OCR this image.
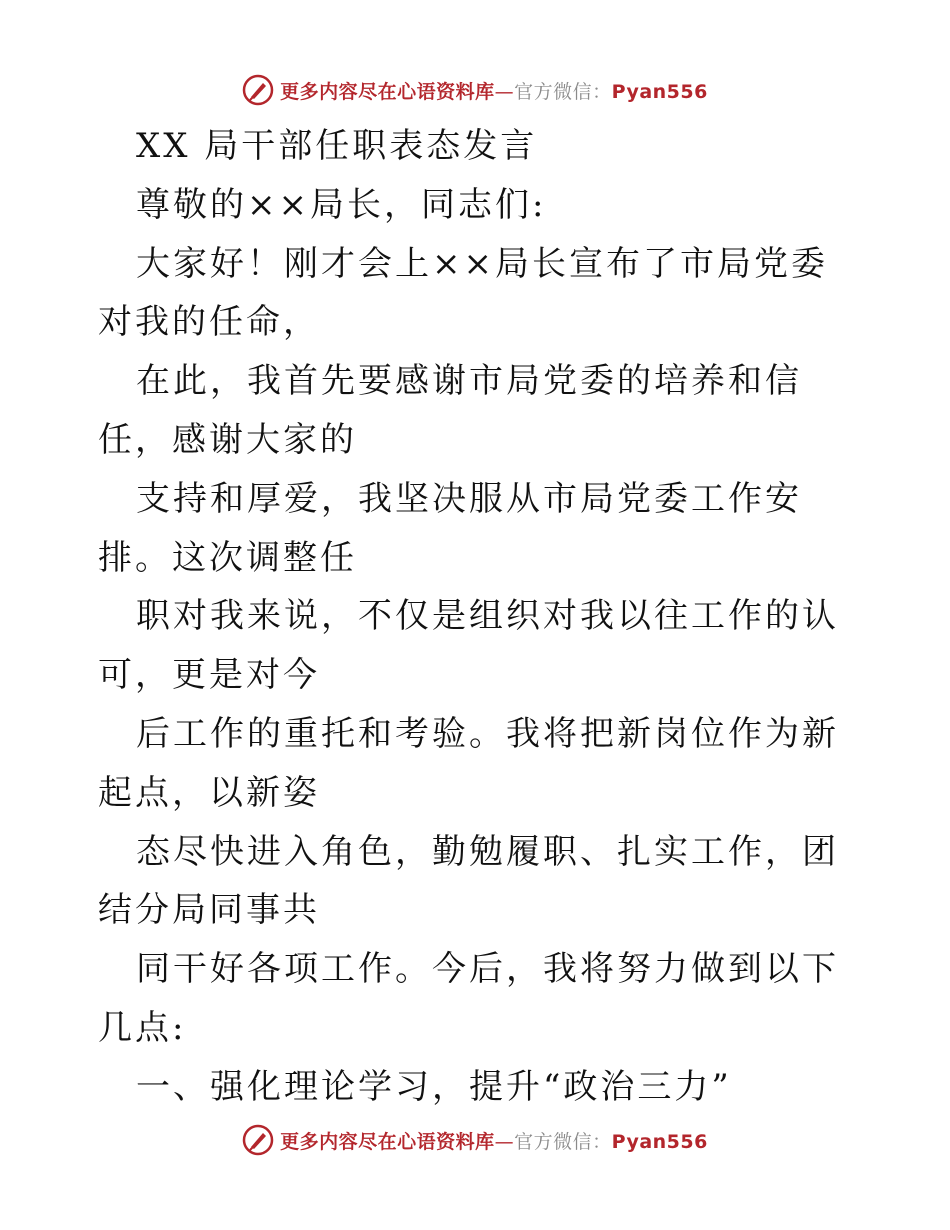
更多内容尽在心语资料库—官方微信：Pyan556

XX 局干部任职表态发言

尊敬的××局长，同志们:

大家好！刚才会上××局长宣布了市局党委对我的任命，

在此，我首先要感谢市局党委的培养和信任，感谢大家的

支持和厚爱，我坚决服从市局党委工作安排。这次调整任

职对我来说，不仅是组织对我以往工作的认可，更是对今

后工作的重托和考验。我将把新岗位作为新起点，以新姿

态尽快进入角色，勤勉履职、扎实工作，团结分局同事共

同干好各项工作。今后，我将努力做到以下几点:

一、强化理论学习，提升“政治三力”

更多内容尽在心语资料库—官方微信：Pyan556
